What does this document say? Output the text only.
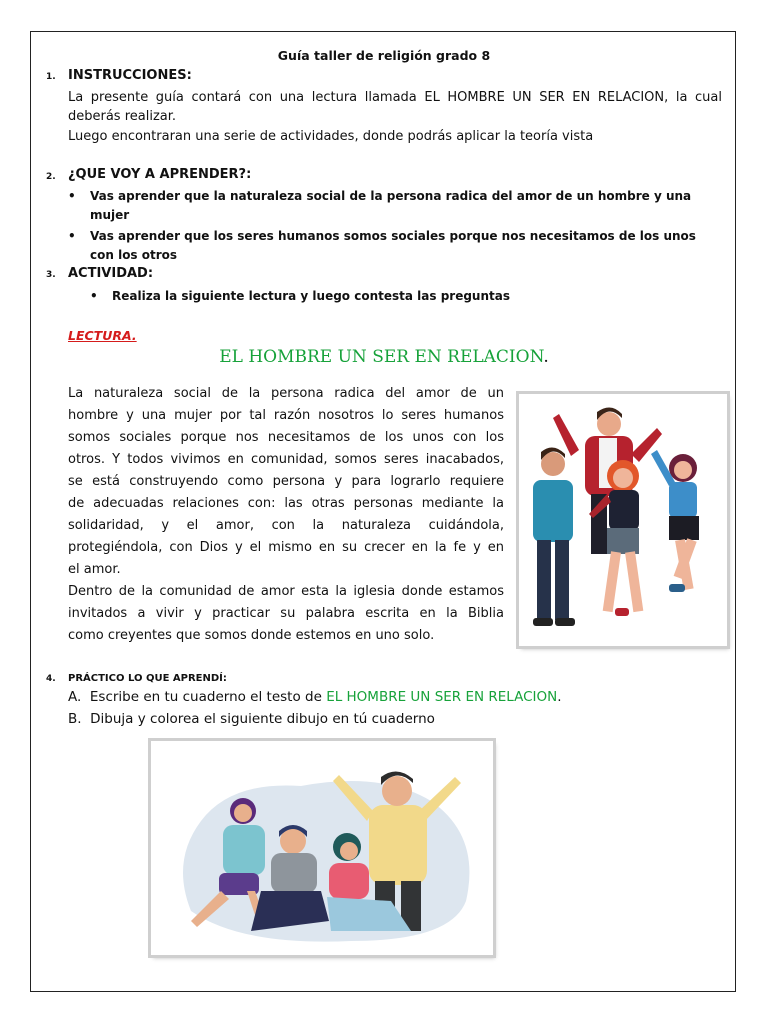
Guía taller de religión grado 8
1. INSTRUCCIONES:
La presente guía contará con una lectura llamada EL HOMBRE UN SER EN RELACION, la cual
deberás realizar.
Luego encontraran una serie de actividades, donde podrás aplicar la teoría vista
2. ¿QUE VOY A APRENDER?:
• Vas aprender que la naturaleza social de la persona radica del amor de un hombre y una mujer
• Vas aprender que los seres humanos somos sociales porque nos necesitamos de los unos con los otros
3. ACTIVIDAD:
• Realiza la siguiente lectura y luego contesta las preguntas
LECTURA.
EL HOMBRE UN SER EN RELACION.
La naturaleza social de la persona radica del amor de un
hombre y una mujer por tal razón nosotros lo seres humanos
somos sociales porque nos necesitamos de los unos con los
otros. Y todos vivimos en comunidad, somos seres inacabados,
se está construyendo como persona y para lograrlo requiere
de adecuadas relaciones con: las otras personas mediante la
solidaridad, y el amor, con la naturaleza cuidándola,
protegiéndola, con Dios y el mismo en su crecer en la fe y en
el amor.
Dentro de la comunidad de amor esta la iglesia donde estamos
invitados a vivir y practicar su palabra escrita en la Biblia
como creyentes que somos donde estemos en uno solo.
4. PRÁCTICO LO QUE APRENDÍ:
A. Escribe en tu cuaderno el testo de EL HOMBRE UN SER EN RELACION.
B. Dibuja y colorea el siguiente dibujo en tú cuaderno
